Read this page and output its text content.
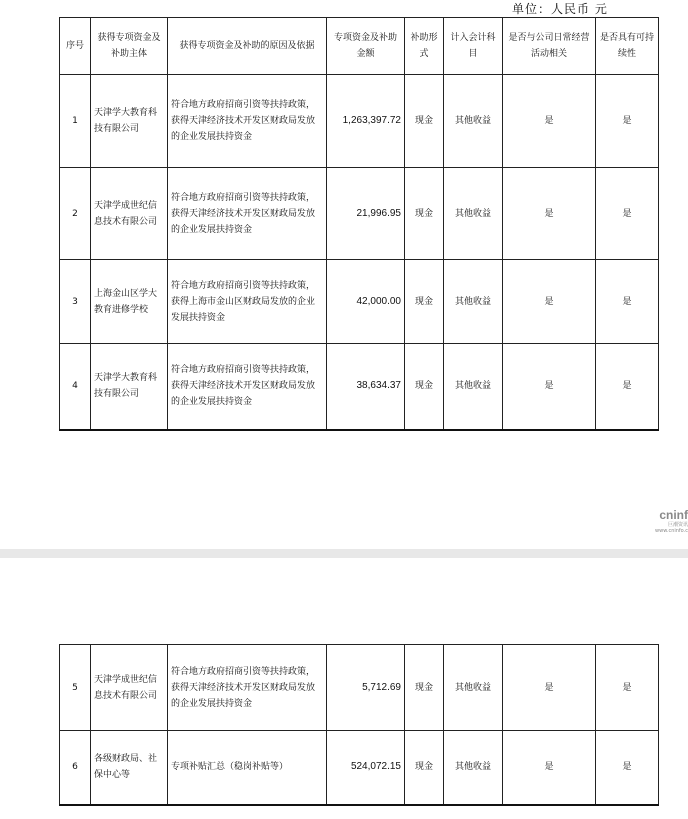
单位：人民币 元
序号	获得专项资金及补助主体	获得专项资金及补助的原因及依据	专项资金及补助金额	补助形式	计入会计科目	是否与公司日常经营活动相关	是否具有可持续性
1	天津学大教育科技有限公司	符合地方政府招商引资等扶持政策，获得天津经济技术开发区财政局发放的企业发展扶持资金	1,263,397.72	现金	其他收益	是	是
2	天津学成世纪信息技术有限公司	符合地方政府招商引资等扶持政策，获得天津经济技术开发区财政局发放的企业发展扶持资金	21,996.95	现金	其他收益	是	是
3	上海金山区学大教育进修学校	符合地方政府招商引资等扶持政策，获得上海市金山区财政局发放的企业发展扶持资金	42,000.00	现金	其他收益	是	是
4	天津学大教育科技有限公司	符合地方政府招商引资等扶持政策，获得天津经济技术开发区财政局发放的企业发展扶持资金	38,634.37	现金	其他收益	是	是
cninf
巨潮资讯
www.cninfo.c
5	天津学成世纪信息技术有限公司	符合地方政府招商引资等扶持政策，获得天津经济技术开发区财政局发放的企业发展扶持资金	5,712.69	现金	其他收益	是	是
6	各级财政局、社保中心等	专项补贴汇总（稳岗补贴等）	524,072.15	现金	其他收益	是	是
